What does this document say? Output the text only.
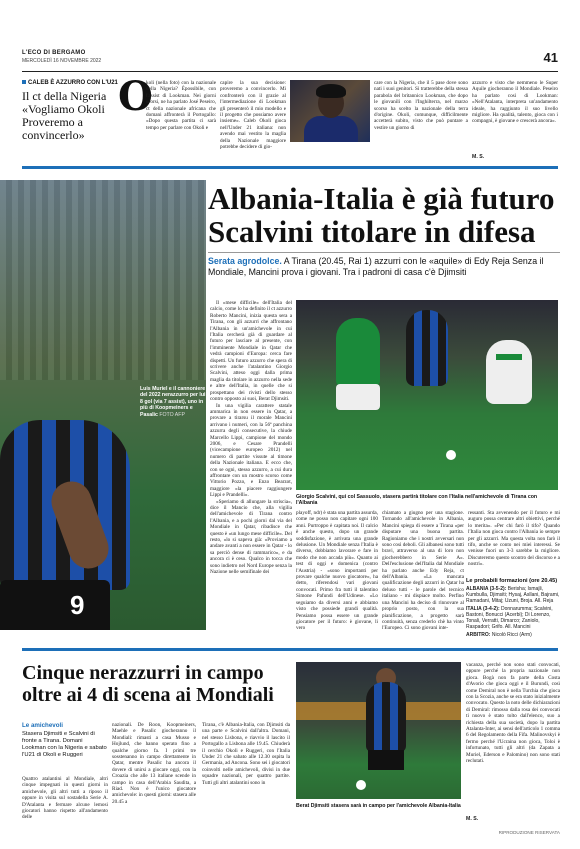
L'ECO DI BERGAMO
MERCOLEDÌ 16 NOVEMBRE 2022	41
CALEB È AZZURRO CON L'U21
Il ct della Nigeria «Vogliamo Okoli Proveremo a convincerlo»
O
koli (nella foto) con la nazionale della Nigeria? Èpossibile, con l'assist di Lookman. Nei giorni scorsi, ne ha parlato José Peseiro, ct della nazionale africana che domani affronterà il Portogallo: «Dopo questa partita ci sarà tempo per parlare con Okoli e
capire la sua decisione: proveremo a convincerlo. Mi confronterò con il grazie al l'intermediazione di Lookman gli presenterò il mio modello e il progetto che possiamo avere insieme». Caleb Okoli gioca nell'Under 21 italiana: non avendo mai vestito la maglia della Nazionale maggiore potrebbe decidere di gio-
care con la Nigeria, che il 5 pase dove sono nati i suoi genitori. Si tratterebbe della stessa parabola del britannico Lookman, che dopo le giovanili con l'Inghilterra, nel marzo scorso ha scelto la nazionale della terra d'origine. Okoli, comunque, difficilmente accetterà subito, visto che può puntare a vestire un giorno di
azzurro e visto che nemmeno le Super Aquile giocheranno il Mondiale. Peseiro ha parlato così di Lookman: «Nell'Atalanta, interpreta un'andamento ideale, ha raggiunto il suo livello migliore. Ha qualità, talento, gioca con i compagni, è giovane e crescerà ancora».
M. S.
9
Luis Muriel e il cannoniere del 2022 nerazzurro per lui 8 gol (via 7 assist), uno in più di Koopmeiners e Pasalic FOTO AFP
Albania-Italia è già futuro Scalvini titolare in difesa
Serata agrodolce. A Tirana (20.45, Rai 1) azzurri con le «aquile» di Edy Reja Senza il Mondiale, Mancini prova i giovani. Tra i padroni di casa c'è Djimsiti

Il «mese difficile» dell'Italia del calcio, come lo ha definito il ct azzurro Roberto Mancini, inizia questa sera a Tirana, con gli azzurri che affrontano l'Albania in un'amichevole in cui l'Italia cercherà già di guardare al futuro per lasciare al presente, con l'imminente Mondiale in Qatar che vedrà campioni d'Europa: cerca fare dispetti. Un futuro azzurro che spera di scrivere anche l'atalantino Giorgio Scalvini, atteso oggi dalla prima maglia da titolare in azzurro nella sede e altre dell'Italia, in quelle che si prospettano dei rivisti dello stesso contro opposto ai suoi, Berat Djimsiti.

In una vigilia carattere statale ammarica in non essere in Qatar, a provare a tirarsu il morale Mancini arrivano i numeri, con la 56ª panchina azzurra degli consecutive, la chiude Marcello Lippi, campione del mondo 2006, e Cesare Prandelli (vicecampione europeo 2012) nel numero di partite vissute al timone della Nazionale italiana. E ecco che, con se ogni, stesso azzurro, a cui dura affrontare con un mostro scorso come Vittorio Pozzo, e Enzo Bearzot, maggiore «la piacere raggiungere Lippi e Prandelli».

«Speriamo di allungare la striscia», dice il Mancio che, alla vigilia dell'amichevole di Tirana contro l'Albania, e a pochi giorni dal via del Mondiale in Qatar, ribadisce che questo è «un lungo mese difficile». Del resto, «lo si sapeva già: «Proviamo a andare avanti a non essere in Qatar - lo sa perciò dense di rammarico», e da ancora ci è ceso. Qualco in tocca che sono indietro nel Nord Europe senza la Nazione nelle semifinale dei

Giorgio Scalvini, qui col Sassuolo, stasera partirà titolare con l'Italia nell'amichevole di Tirana con l'Albania
playoff, ndr) è stata una partita assurda, come ne posso non capitare ogni 100 anni. Purtroppo è capitata noi. Il calcio è anche questo, dopo un grande soddisfazione, è arrivata una grande delusione. Un Mondiale senza l'Italia è diverso, dobbiamo lavorare e fare in modo che non accada più». Quanto ai test di oggi e domenica (contro l'Austria) - «sono importanti per provare qualche nuovo giocatore», ha detto, riferendosi vari giovani convocati. Primo fra tutti il talentino Simone Pafundi dell'Udinese. «Lo seguiamo da diversi anni e abbiamo visto che possiede grandi qualità. Pensiamo possa essere un grande giocatore per il futuro: è giovane, li vero
chiamato a giugno per una stagione. Tornando all'amichevole in Albania, Mancini spiega di essere a Tirana «per disputare una buona partita. Ragioniamo che i nostri avversari non sono così deboli. Gli albanesi sono tutti bravi, attraverso al una di loro non giocherebbero in Serie A». Dell'esclusione dell'Italia dal Mondiale ha parlato anche Edy Reja, ct dell'Albania. «La mancata qualificazione degli azzurri in Qatar ha deluso tutti - le parole del tecnico italiano - mi dispiace molto. Perfino una Mancini ha deciso di rinnovare al proprio posto, con la sua pianificazione, a progetto sarà continuità, senza crederlo chè ha vinto l'Europeo. Ci sono giovani inte-
ressanti. Sta avvenendo per il futuro e mi auguro possa centrare altri obiettivi, perché lo merita». «Per chi farò il tifo? Quando l'Italia non gioca contro l'Albania io sempre per gli azzurri. Ma questa volta non farò il tifo, anche se conto nei miei interessi. Se venisse fuori un 3-3 sarebbe la migliore. Discuteremo questo scontro del discorso e a nostri».
Le probabili formazioni (ore 20.45)
ALBANIA (3-5-2): Berisha; Ismajli, Kumbulla, Djimsiti; Hysaj, Asllani, Bajrami, Ramadani, Mitaj; Uzuni, Broja. All. Reja
ITALIA (3-4-2): Donnarumma; Scalvini, Bastoni, Bonucci (Acerbi); Di Lorenzo, Tonali, Verratti, Dimarco; Zaniolo, Raspadori; Grifo. All. Mancini
ARBITRO: Nicolò Ricci (Arm)
Cinque nerazzurri in campo oltre ai 4 di scena ai Mondiali
Le amichevoli
Stasera Djimsiti e Scalvini di fronte a Tirana. Domani Lookman con la Nigeria e sabato l'U21 di Okoli e Ruggeri
Quattro atalantini al Mondiale, altri cinque impegnati in questi giorni in amichevole, gli altri tutti a riposo il oppure in visita sul sostadella Serie A. D'Atalanta e fermare alcune lemosi giocatori hanno rispetto all'andamento delle
nazionali. De Roon, Koopmeiners, Maehle e Pasalic giocheranno il Mondiali: rimasti a casa Musso e Hojlund, che hanno sperato fino a qualche giorno fa. I primi tre sosstenanno in campo direttamente in Qatar, mentre Pasalic ha ancora il dovere di unirsi a giocare oggi, con la Croazia che alle 13 italiane scende in campo in casa dell'Arabia Saudita, a Riad. Non è l'unico giocatore amichevole: in questi giorni: stasera alle 20.45 a
Tirana, c'è Albania-Italia, con Djimsiti da una parte e Scalvini dall'altra. Domani, nel stesso Lisbona, e riavvio il lascito il Portogallo a Lisbona alle 19.45. Chiuderà il cerchio Okoli e Ruggeri, con l'Italia Under 21 che sabato alle 12.30 ospita la Germania, ad Ancona. Sono sei i giocatori coinvolti nelle amichevoli, divisi in due squadre nazionali, per quattro partite. Tutti gli altri atalantini sono in
Berat Djimsiti stasera sarà in campo per l'amichevole Albania-Italia
vacanza, perché non sono stati convocati, oppure perché la propria nazionale non gioca. Bogà non fa parte della Costa d'Avorio che gioca oggi e il Burundi, così come Demiral non è nella Turchia che gioca con la Scozia, anche se era stato inizialmente convocato. Questo la noto delle dichiarazioni di Demiral: rimosso dalla rosa dei convocati ti nuovo è stato tolto dall'elenco, suo a richiesta della sua società, dopo la partita Atalanta-Inter, ai sensi dell'articolo 1 comma 6 del Regolamento della Fifa. Malinovskyi è fermo perché l'Ucraina non gioca, Toloi è infortunato, tutti gli altri (da Zapata a Muriel, Ederson e Palomino) non sono stati reclutati.
M. S.
RIPRODUZIONE RISERVATA
